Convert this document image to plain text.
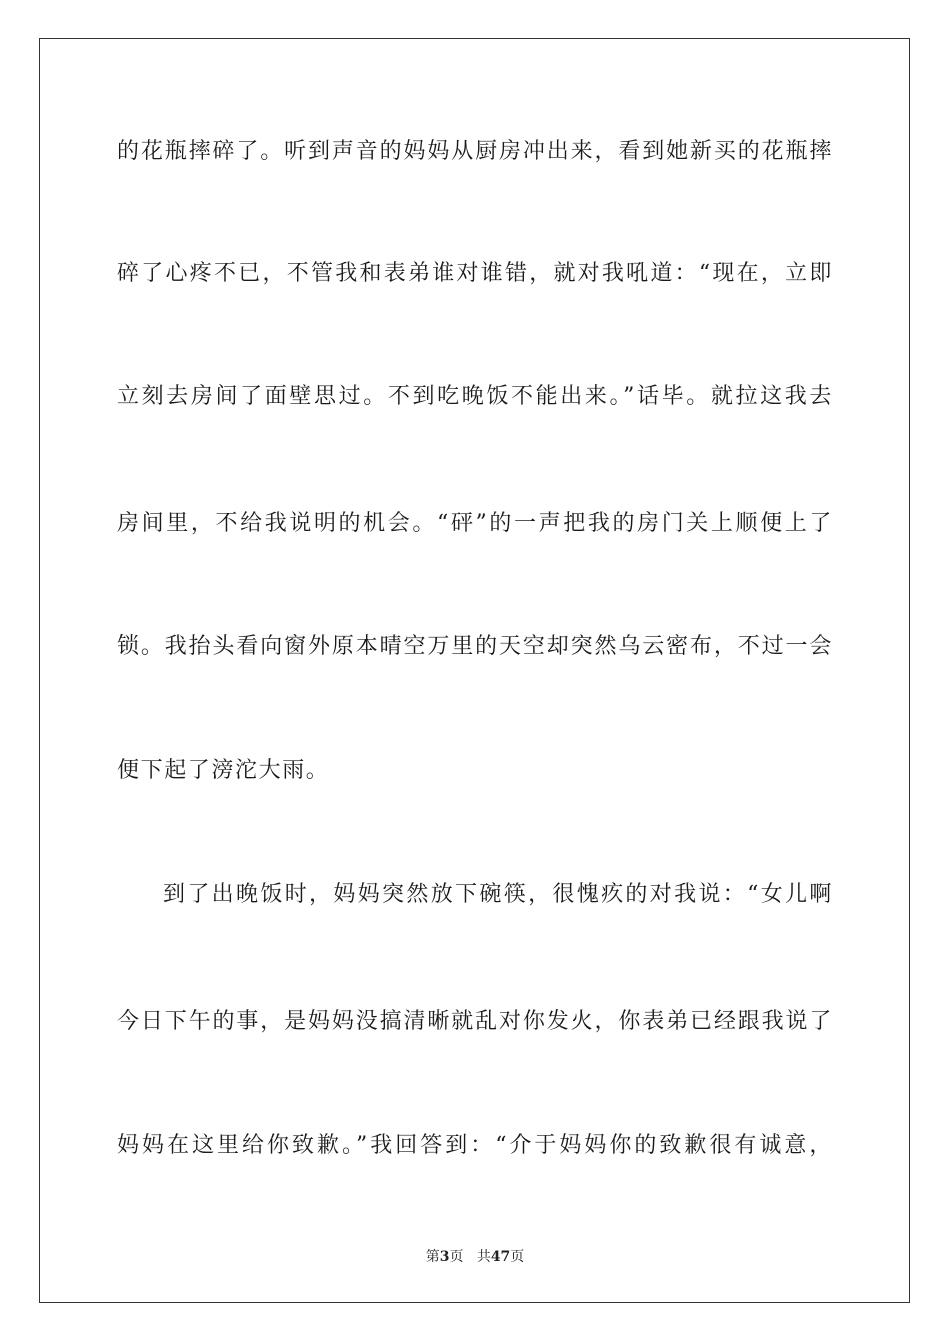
的花瓶摔碎了。听到声音的妈妈从厨房冲出来，看到她新买的花瓶摔
碎了心疼不已，不管我和表弟谁对谁错，就对我吼道：“现在，立即
立刻去房间了面壁思过。不到吃晚饭不能出来。”话毕。就拉这我去
房间里，不给我说明的机会。“砰”的一声把我的房门关上顺便上了
锁。我抬头看向窗外原本晴空万里的天空却突然乌云密布，不过一会
便下起了滂沱大雨。
到了出晚饭时，妈妈突然放下碗筷，很愧疚的对我说：“女儿啊
今日下午的事，是妈妈没搞清晰就乱对你发火，你表弟已经跟我说了
妈妈在这里给你致歉。”我回答到：“介于妈妈你的致歉很有诚意，
第3页 共47页
